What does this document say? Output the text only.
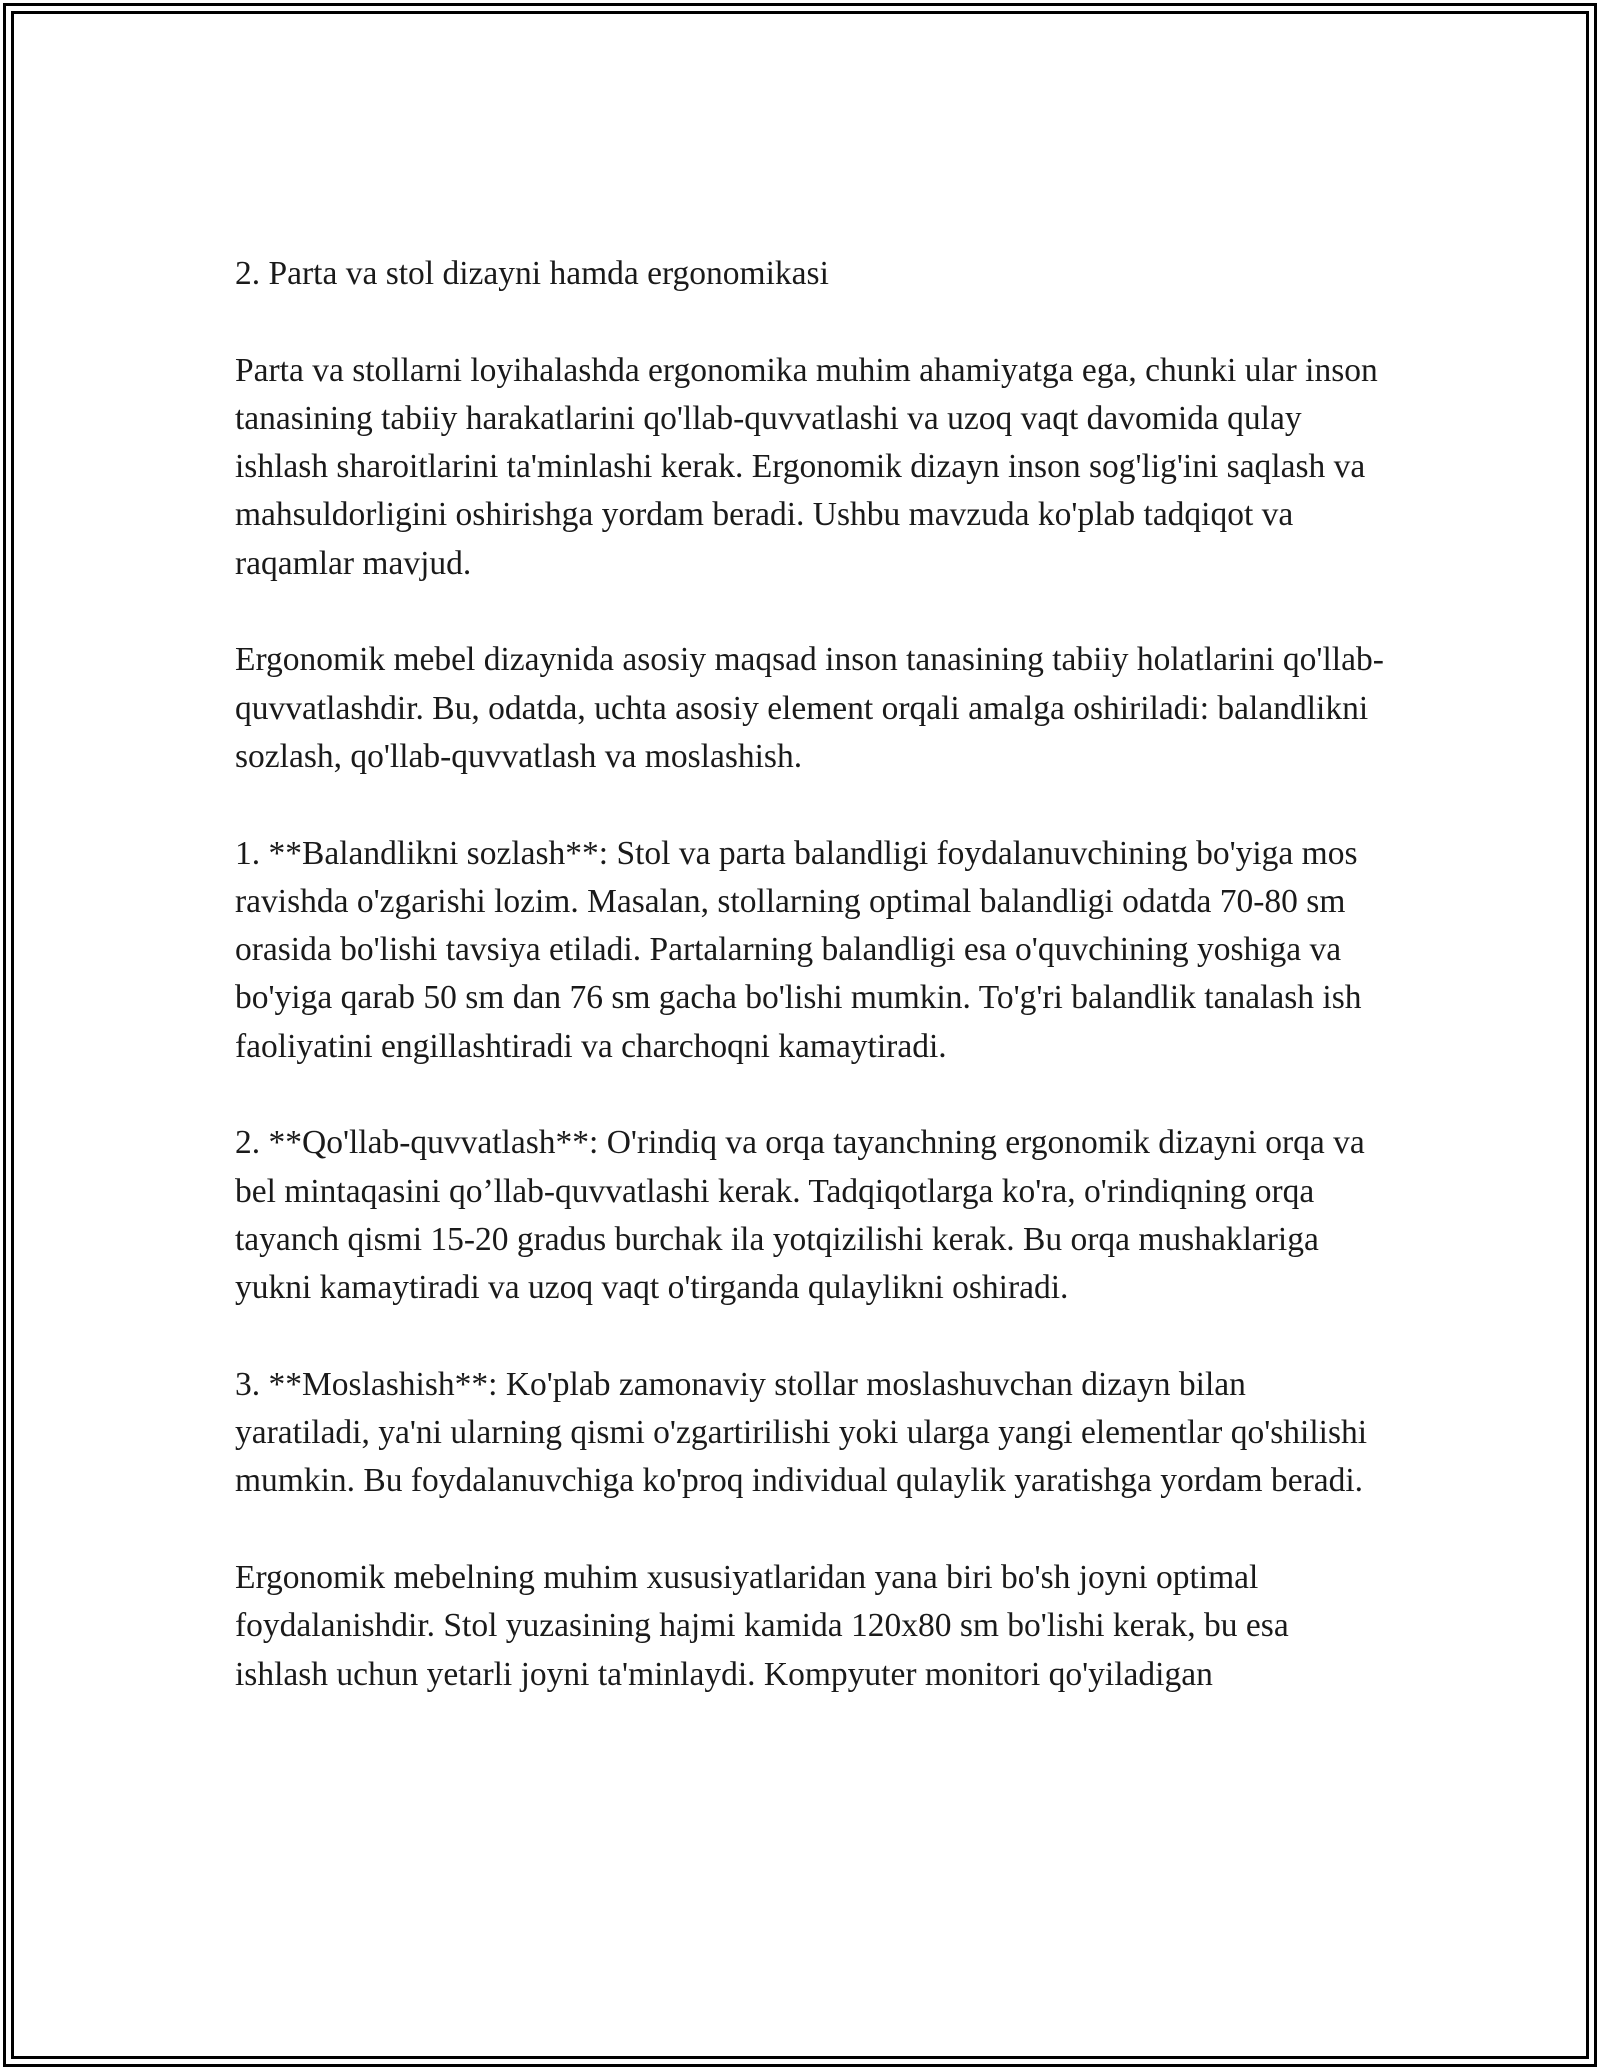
2. Parta va stol dizayni hamda ergonomikasi

Parta va stollarni loyihalashda ergonomika muhim ahamiyatga ega, chunki ular inson tanasining tabiiy harakatlarini qo'llab-quvvatlashi va uzoq vaqt davomida qulay ishlash sharoitlarini ta'minlashi kerak. Ergonomik dizayn inson sog'lig'ini saqlash va mahsuldorligini oshirishga yordam beradi. Ushbu mavzuda ko'plab tadqiqot va raqamlar mavjud.

Ergonomik mebel dizaynida asosiy maqsad inson tanasining tabiiy holatlarini qo'llab-quvvatlashdir. Bu, odatda, uchta asosiy element orqali amalga oshiriladi: balandlikni sozlash, qo'llab-quvvatlash va moslashish.

1. **Balandlikni sozlash**: Stol va parta balandligi foydalanuvchining bo'yiga mos ravishda o'zgarishi lozim. Masalan, stollarning optimal balandligi odatda 70-80 sm orasida bo'lishi tavsiya etiladi. Partalarning balandligi esa o'quvchining yoshiga va bo'yiga qarab 50 sm dan 76 sm gacha bo'lishi mumkin. To'g'ri balandlik tanalash ish faoliyatini engillashtiradi va charchoqni kamaytiradi.

2. **Qo'llab-quvvatlash**: O'rindiq va orqa tayanchning ergonomik dizayni orqa va bel mintaqasini qo’llab-quvvatlashi kerak. Tadqiqotlarga ko'ra, o'rindiqning orqa tayanch qismi 15-20 gradus burchak ila yotqizilishi kerak. Bu orqa mushaklariga yukni kamaytiradi va uzoq vaqt o'tirganda qulaylikni oshiradi.

3. **Moslashish**: Ko'plab zamonaviy stollar moslashuvchan dizayn bilan yaratiladi, ya'ni ularning qismi o'zgartirilishi yoki ularga yangi elementlar qo'shilishi mumkin. Bu foydalanuvchiga ko'proq individual qulaylik yaratishga yordam beradi.

Ergonomik mebelning muhim xususiyatlaridan yana biri bo'sh joyni optimal foydalanishdir. Stol yuzasining hajmi kamida 120x80 sm bo'lishi kerak, bu esa ishlash uchun yetarli joyni ta'minlaydi. Kompyuter monitori qo'yiladigan
